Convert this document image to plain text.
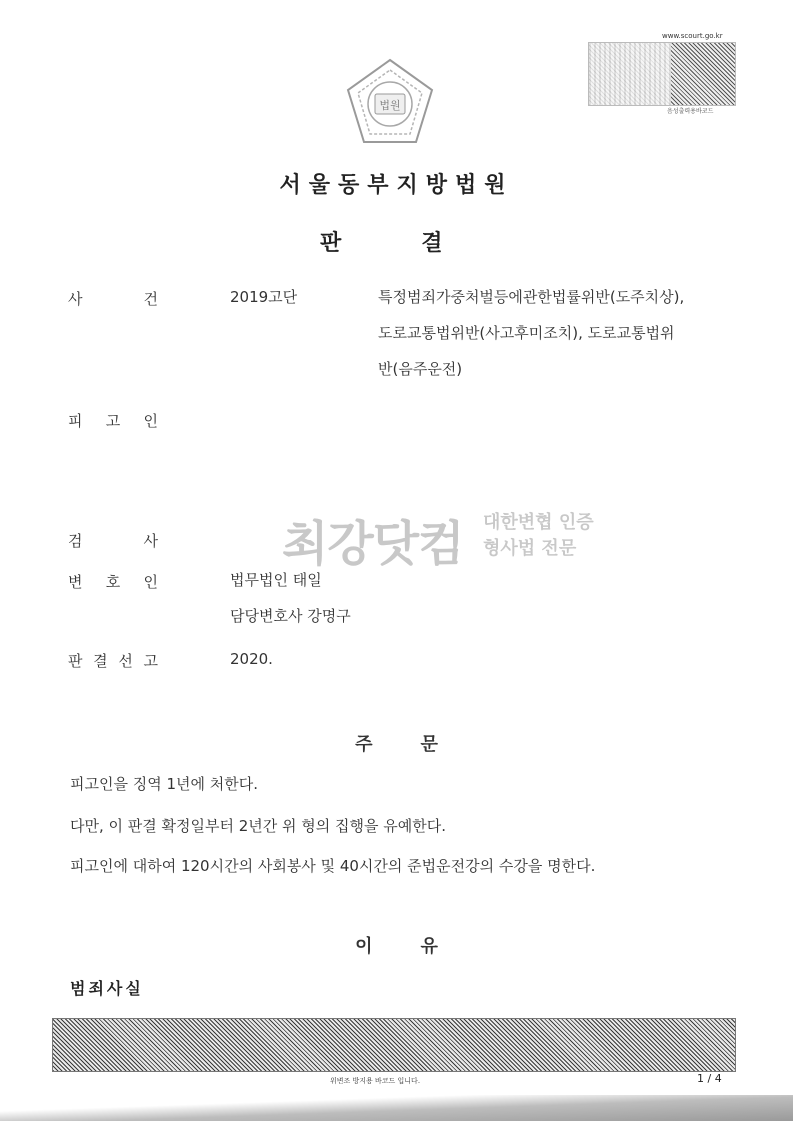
법원
www.scourt.go.kr
음성출력용바코드
서울동부지방법원
판	결
사	건	2019고단	특정범죄가중처벌등에관한법률위반(도주치상),
도로교통법위반(사고후미조치), 도로교통법위
반(음주운전)
피 고 인
최강닷컴 대한변협 인증
형사법 전문
검	사
변 호 인	법무법인 태일
담당변호사 강명구
판 결 선 고	2020.
주	문
피고인을 징역 1년에 처한다.
다만, 이 판결 확정일부터 2년간 위 형의 집행을 유예한다.
피고인에 대하여 120시간의 사회봉사 및 40시간의 준법운전강의 수강을 명한다.
이	유
범죄사실
위변조 방지용 바코드 입니다.	1 / 4
